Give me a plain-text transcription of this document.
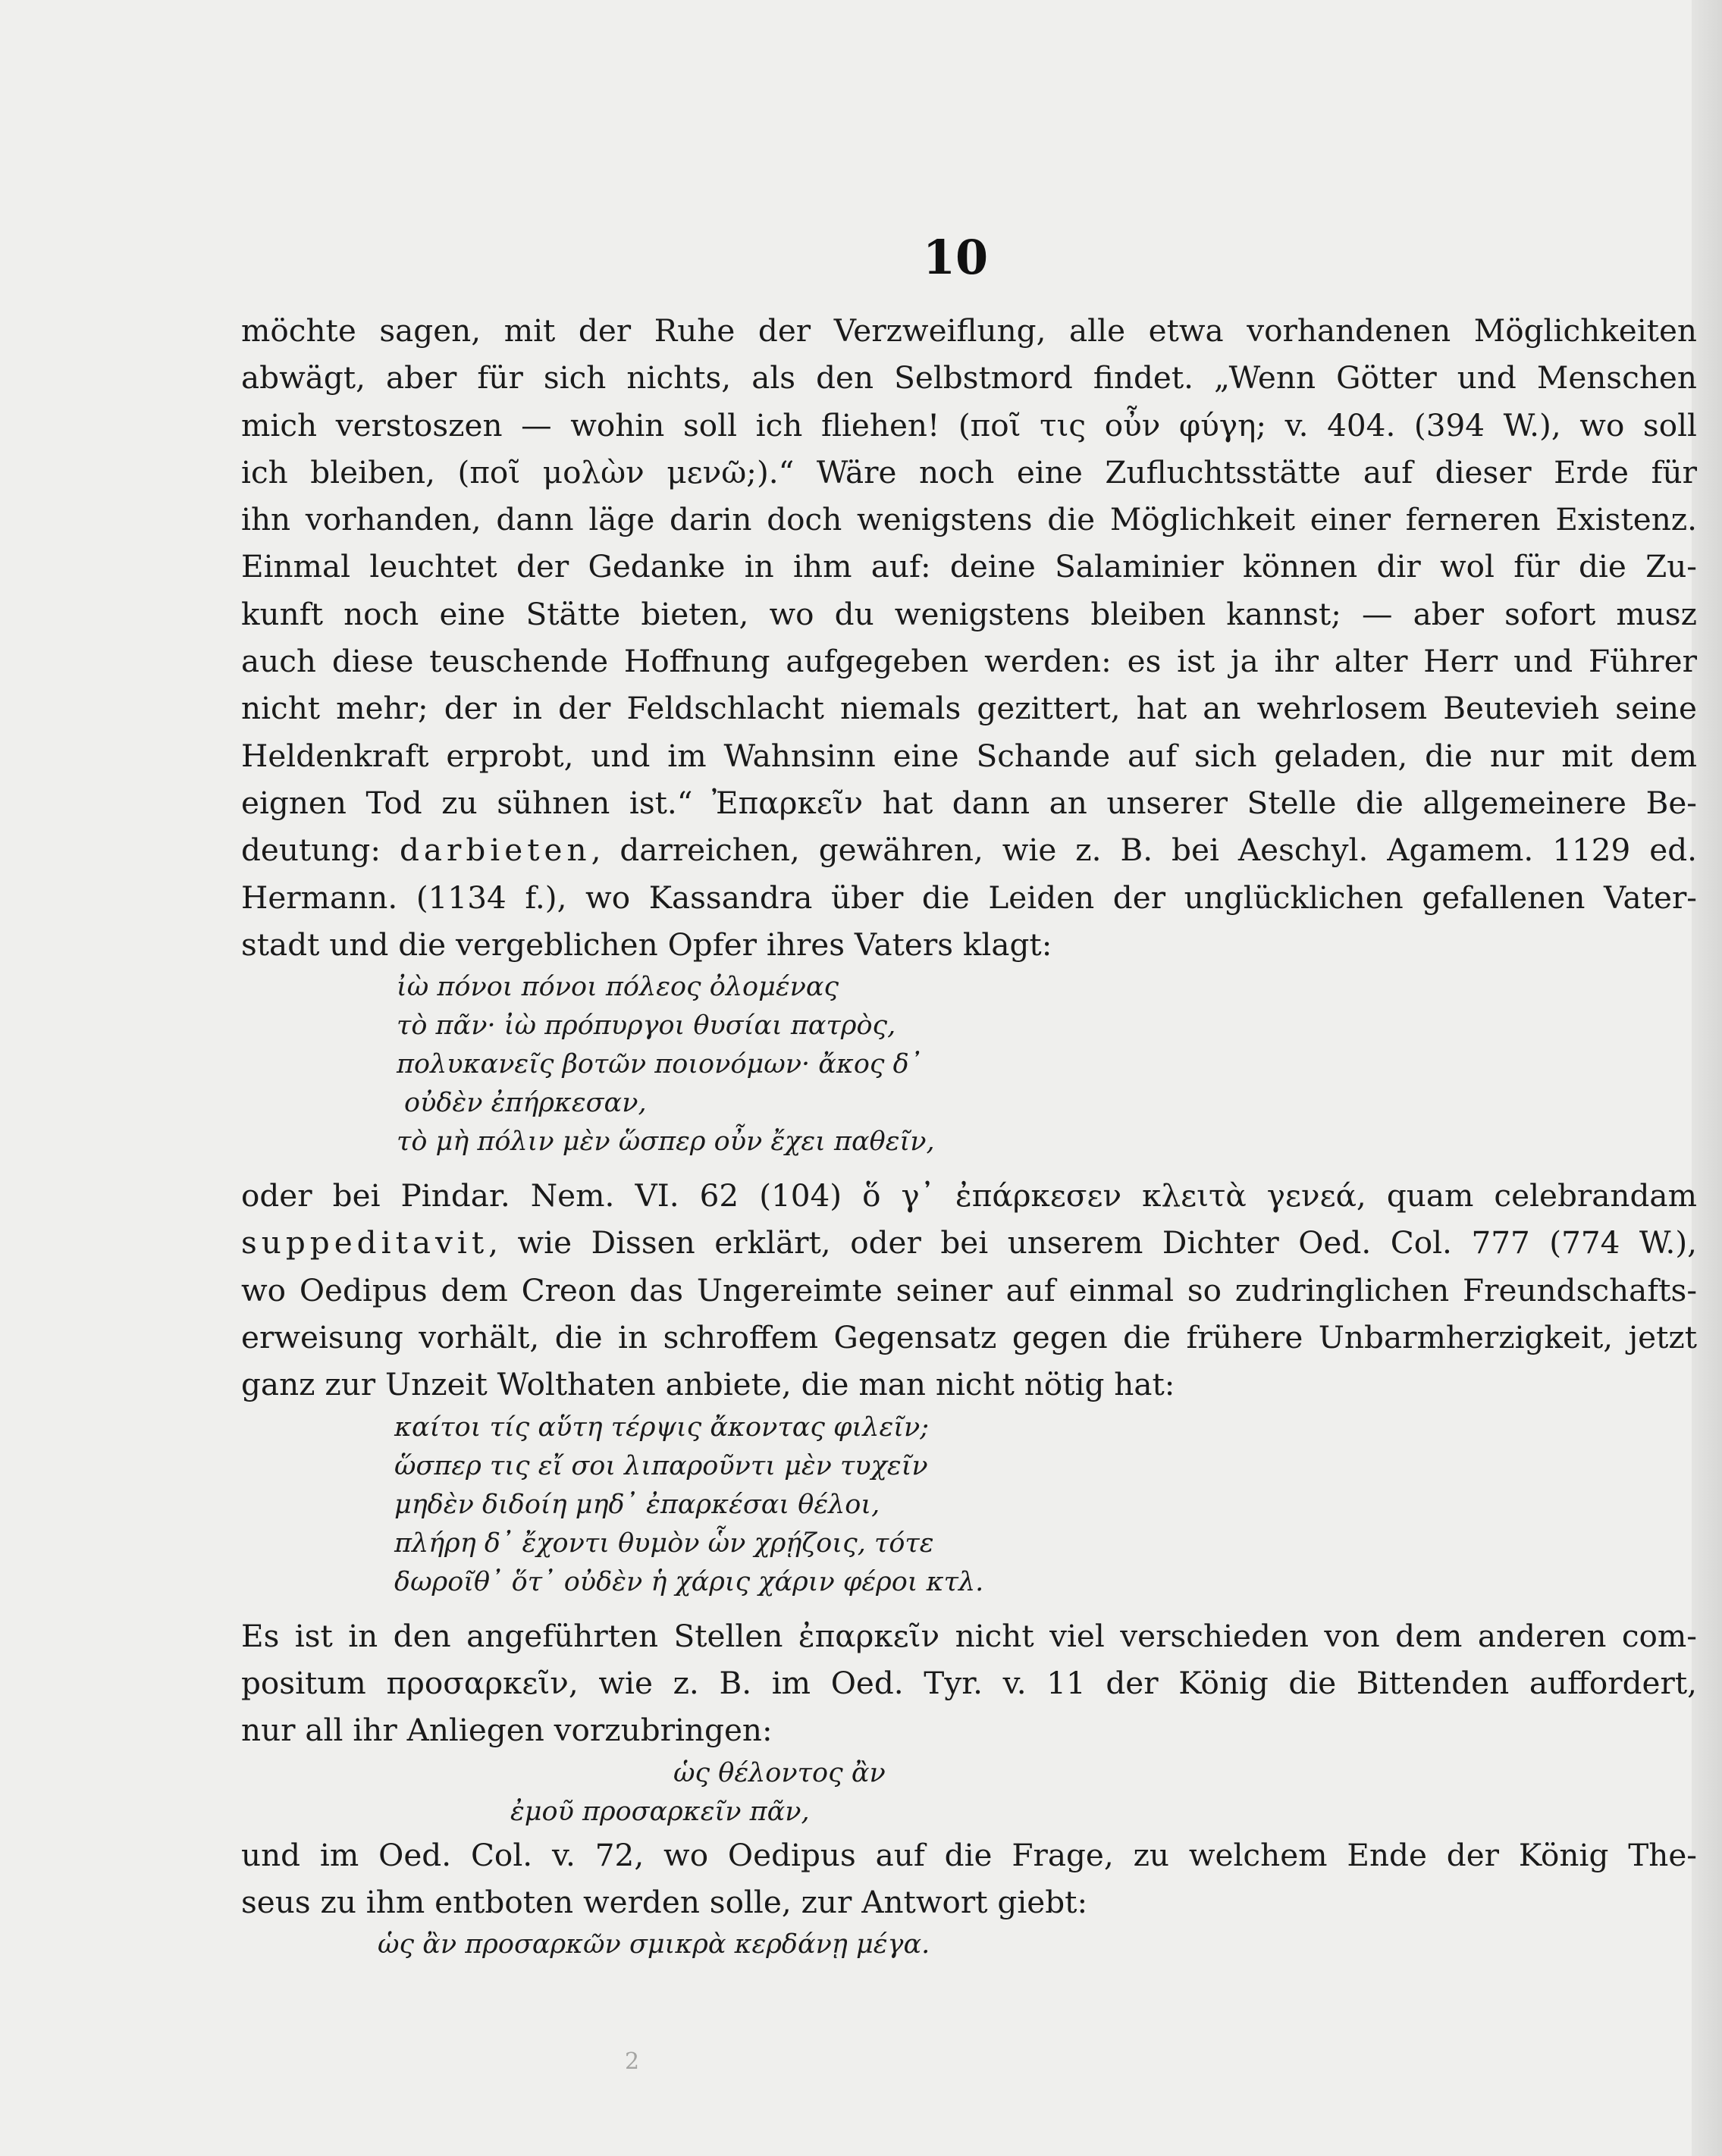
10

möchte sagen, mit der Ruhe der Verzweiflung, alle etwa vorhandenen Möglichkeiten

abwägt, aber für sich nichts, als den Selbstmord findet. „Wenn Götter und Menschen

mich verstoszen — wohin soll ich fliehen! (ποῖ τις οὖν φύγη; v. 404. (394 W.), wo soll

ich bleiben, (ποῖ μολὼν μενῶ;).“ Wäre noch eine Zufluchtsstätte auf dieser Erde für

ihn vorhanden, dann läge darin doch wenigstens die Möglichkeit einer ferneren Existenz.

Einmal leuchtet der Gedanke in ihm auf: deine Salaminier können dir wol für die Zu-

kunft noch eine Stätte bieten, wo du wenigstens bleiben kannst; — aber sofort musz

auch diese teuschende Hoffnung aufgegeben werden: es ist ja ihr alter Herr und Führer

nicht mehr; der in der Feldschlacht niemals gezittert, hat an wehrlosem Beutevieh seine

Heldenkraft erprobt, und im Wahnsinn eine Schande auf sich geladen, die nur mit dem

eignen Tod zu sühnen ist.“ Ἐπαρκεῖν hat dann an unserer Stelle die allgemeinere Be-

deutung: darbieten, darreichen, gewähren, wie z. B. bei Aeschyl. Agamem. 1129 ed.

Hermann. (1134 f.), wo Kassandra über die Leiden der unglücklichen gefallenen Vater-

stadt und die vergeblichen Opfer ihres Vaters klagt:

ἰὼ πόνοι πόνοι πόλεος ὀλομένας
τὸ πᾶν· ἰὼ πρόπυργοι θυσίαι πατρὸς,
πολυκανεῖς βοτῶν ποιονόμων· ἄκος δ᾽
οὐδὲν ἐπήρκεσαν,
τὸ μὴ πόλιν μὲν ὥσπερ οὖν ἔχει παθεῖν,

oder bei Pindar. Nem. VI. 62 (104) ὅ γ᾽ ἐπάρκεσεν κλειτὰ γενεά, quam celebrandam

suppeditavit, wie Dissen erklärt, oder bei unserem Dichter Oed. Col. 777 (774 W.),

wo Oedipus dem Creon das Ungereimte seiner auf einmal so zudringlichen Freundschafts-

erweisung vorhält, die in schroffem Gegensatz gegen die frühere Unbarmherzigkeit, jetzt

ganz zur Unzeit Wolthaten anbiete, die man nicht nötig hat:

καίτοι τίς αὕτη τέρψις ἄκοντας φιλεῖν;
ὥσπερ τις εἴ σοι λιπαροῦντι μὲν τυχεῖν
μηδὲν διδοίη μηδ᾽ ἐπαρκέσαι θέλοι,
πλήρη δ᾽ ἔχοντι θυμὸν ὧν χρῄζοις, τότε
δωροῖθ᾽ ὅτ᾽ οὐδὲν ἡ χάρις χάριν φέροι κτλ.

Es ist in den angeführten Stellen ἐπαρκεῖν nicht viel verschieden von dem anderen com-

positum προσαρκεῖν, wie z. B. im Oed. Tyr. v. 11 der König die Bittenden auffordert,

nur all ihr Anliegen vorzubringen:

ὡς θέλοντος ἂν
ἐμοῦ προσαρκεῖν πᾶν,

und im Oed. Col. v. 72, wo Oedipus auf die Frage, zu welchem Ende der König The-

seus zu ihm entboten werden solle, zur Antwort giebt:

ὡς ἂν προσαρκῶν σμικρὰ κερδάνῃ μέγα.
2
